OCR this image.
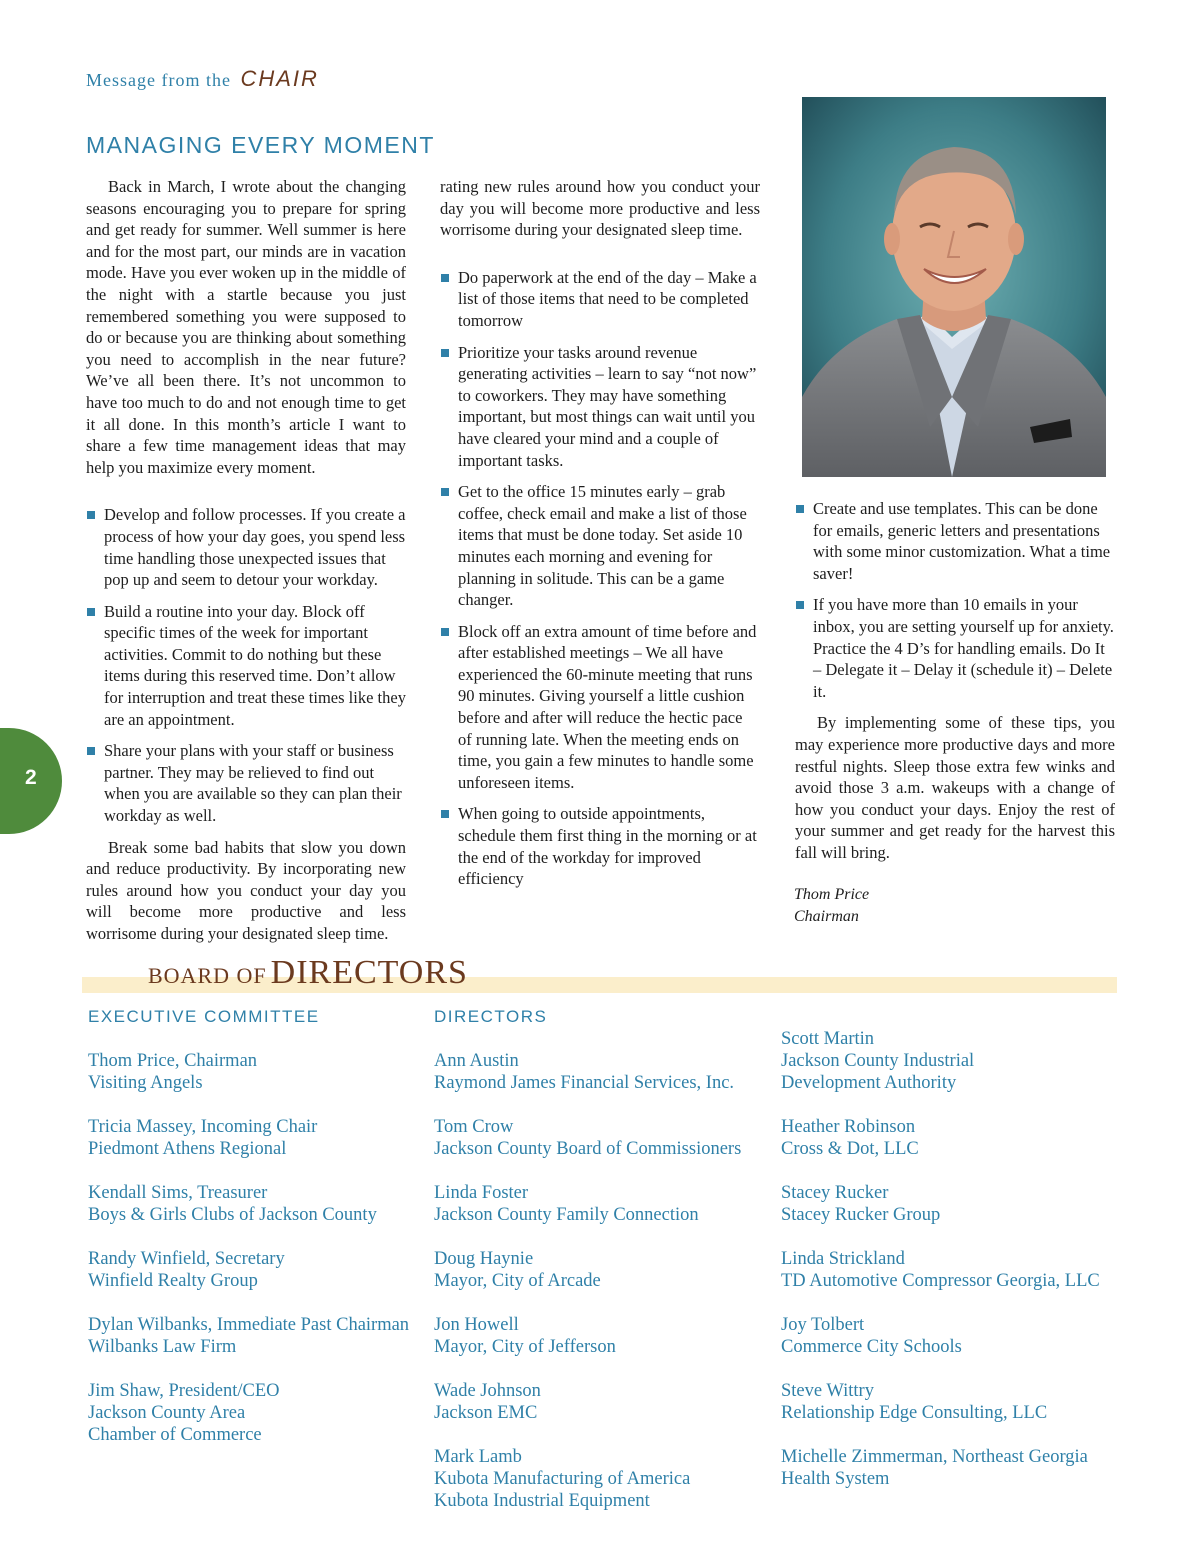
Message from the CHAIR
MANAGING EVERY MOMENT

Back in March, I wrote about the changing seasons encouraging you to prepare for spring and get ready for summer. Well summer is here and for the most part, our minds are in vacation mode. Have you ever woken up in the middle of the night with a startle because you just remembered something you were supposed to do or because you are thinking about something you need to accomplish in the near future? We’ve all been there. It’s not uncommon to have too much to do and not enough time to get it all done. In this month’s article I want to share a few time management ideas that may help you maximize every moment.

Develop and follow processes. If you create a process of how your day goes, you spend less time handling those unexpected issues that pop up and seem to detour your workday.
Build a routine into your day. Block off specific times of the week for important activities. Commit to do nothing but these items during this reserved time. Don’t allow for interruption and treat these times like they are an appointment.
Share your plans with your staff or business partner. They may be relieved to find out when you are available so they can plan their workday as well.

Break some bad habits that slow you down and reduce productivity. By incorporating new rules around how you conduct your day you will become more productive and less worrisome during your designated sleep time.

rating new rules around how you conduct your day you will become more productive and less worrisome during your designated sleep time.

Do paperwork at the end of the day – Make a list of those items that need to be completed tomorrow
Prioritize your tasks around revenue generating activities – learn to say “not now” to coworkers. They may have something important, but most things can wait until you have cleared your mind and a couple of important tasks.
Get to the office 15 minutes early – grab coffee, check email and make a list of those items that must be done today. Set aside 10 minutes each morning and evening for planning in solitude. This can be a game changer.
Block off an extra amount of time before and after established meetings – We all have experienced the 60-minute meeting that runs 90 minutes. Giving yourself a little cushion before and after will reduce the hectic pace of running late. When the meeting ends on time, you gain a few minutes to handle some unforeseen items.
When going to outside appointments, schedule them first thing in the morning or at the end of the workday for improved efficiency
Create and use templates. This can be done for emails, generic letters and presentations with some minor customization. What a time saver!
If you have more than 10 emails in your inbox, you are setting yourself up for anxiety. Practice the 4 D’s for handling emails. Do It – Delegate it – Delay it (schedule it) – Delete it.

By implementing some of these tips, you may experience more productive days and more restful nights. Sleep those extra few winks and avoid those 3 a.m. wakeups with a change of how you conduct your days. Enjoy the rest of your summer and get ready for the harvest this fall will bring.

Thom Price
Chairman
2
BOARD OF DIRECTORS
EXECUTIVE COMMITTEE
Thom Price, Chairman
Visiting Angels
Tricia Massey, Incoming Chair
Piedmont Athens Regional
Kendall Sims, Treasurer
Boys & Girls Clubs of Jackson County
Randy Winfield, Secretary
Winfield Realty Group
Dylan Wilbanks, Immediate Past Chairman
Wilbanks Law Firm
Jim Shaw, President/CEO
Jackson County Area
Chamber of Commerce
DIRECTORS
Ann Austin
Raymond James Financial Services, Inc.
Tom Crow
Jackson County Board of Commissioners
Linda Foster
Jackson County Family Connection
Doug Haynie
Mayor, City of Arcade
Jon Howell
Mayor, City of Jefferson
Wade Johnson
Jackson EMC
Mark Lamb
Kubota Manufacturing of America
Kubota Industrial Equipment
Scott Martin
Jackson County Industrial
Development Authority
Heather Robinson
Cross & Dot, LLC
Stacey Rucker
Stacey Rucker Group
Linda Strickland
TD Automotive Compressor Georgia, LLC
Joy Tolbert
Commerce City Schools
Steve Wittry
Relationship Edge Consulting, LLC
Michelle Zimmerman, Northeast Georgia
Health System
